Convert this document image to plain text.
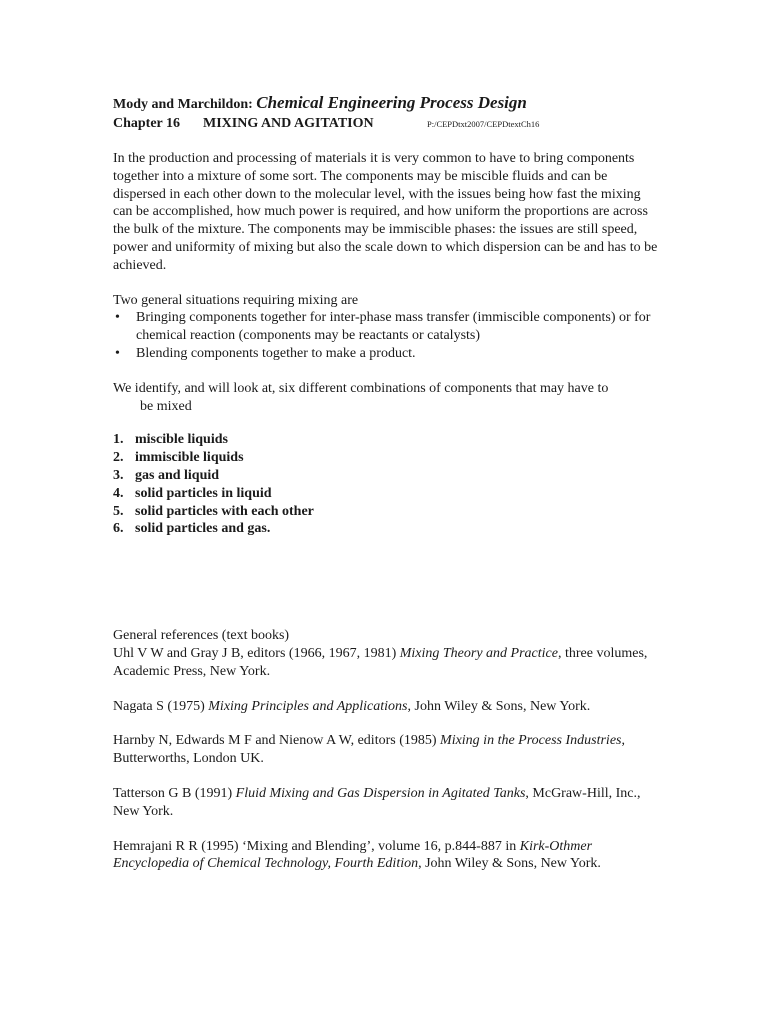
Mody and Marchildon: Chemical Engineering Process Design
Chapter 16 MIXING AND AGITATION	P:/CEPDtxt2007/CEPDtextCh16

In the production and processing of materials it is very common to have to bring components together into a mixture of some sort. The components may be miscible fluids and can be dispersed in each other down to the molecular level, with the issues being how fast the mixing can be accomplished, how much power is required, and how uniform the proportions are across the bulk of the mixture. The components may be immiscible phases: the issues are still speed, power and uniformity of mixing but also the scale down to which dispersion can be and has to be achieved.

Two general situations requiring mixing are

• Bringing components together for inter-phase mass transfer (immiscible components) or for chemical reaction (components may be reactants or catalysts)
• Blending components together to make a product.

We identify, and will look at, six different combinations of components that may have to
be mixed

1. miscible liquids
2. immiscible liquids
3. gas and liquid
4. solid particles in liquid
5. solid particles with each other
6. solid particles and gas.

General references (text books)

Uhl V W and Gray J B, editors (1966, 1967, 1981) Mixing Theory and Practice, three volumes, Academic Press, New York.

Nagata S (1975) Mixing Principles and Applications, John Wiley & Sons, New York.

Harnby N, Edwards M F and Nienow A W, editors (1985) Mixing in the Process Industries, Butterworths, London UK.

Tatterson G B (1991) Fluid Mixing and Gas Dispersion in Agitated Tanks, McGraw-Hill, Inc., New York.

Hemrajani R R (1995) ‘Mixing and Blending’, volume 16, p.844-887 in Kirk-Othmer Encyclopedia of Chemical Technology, Fourth Edition, John Wiley & Sons, New York.
